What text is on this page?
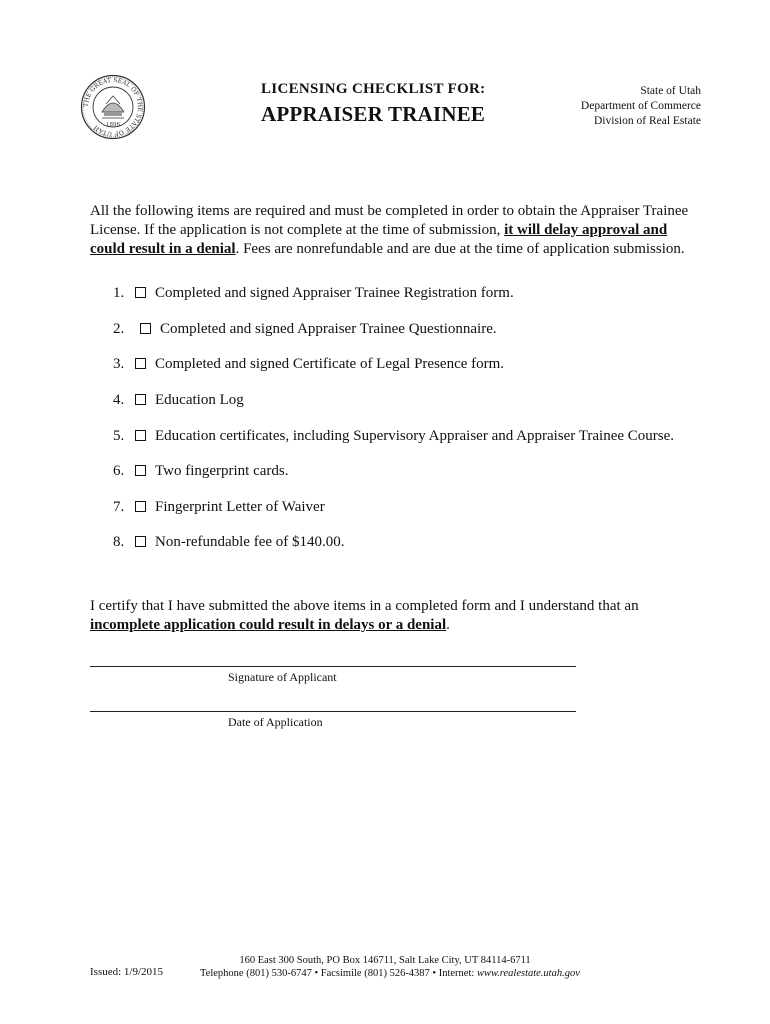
THE GREAT SEAL OF THE STATE OF UTAH 1896
LICENSING CHECKLIST FOR:
APPRAISER TRAINEE
State of Utah
Department of Commerce
Division of Real Estate
All the following items are required and must be completed in order to obtain the Appraiser Trainee License. If the application is not complete at the time of submission, it will delay approval and could result in a denial. Fees are nonrefundable and are due at the time of application submission.
1.	Completed and signed Appraiser Trainee Registration form.
2.	Completed and signed Appraiser Trainee Questionnaire.
3.	Completed and signed Certificate of Legal Presence form.
4.	Education Log
5.	Education certificates, including Supervisory Appraiser and Appraiser Trainee Course.
6.	Two fingerprint cards.
7.	Fingerprint Letter of Waiver
8.	Non-refundable fee of $140.00.
I certify that I have submitted the above items in a completed form and I understand that an incomplete application could result in delays or a denial.
Signature of Applicant
Date of Application
Issued: 1/9/2015
160 East 300 South, PO Box 146711, Salt Lake City, UT 84114-6711
Telephone (801) 530-6747 • Facsimile (801) 526-4387 • Internet: www.realestate.utah.gov
